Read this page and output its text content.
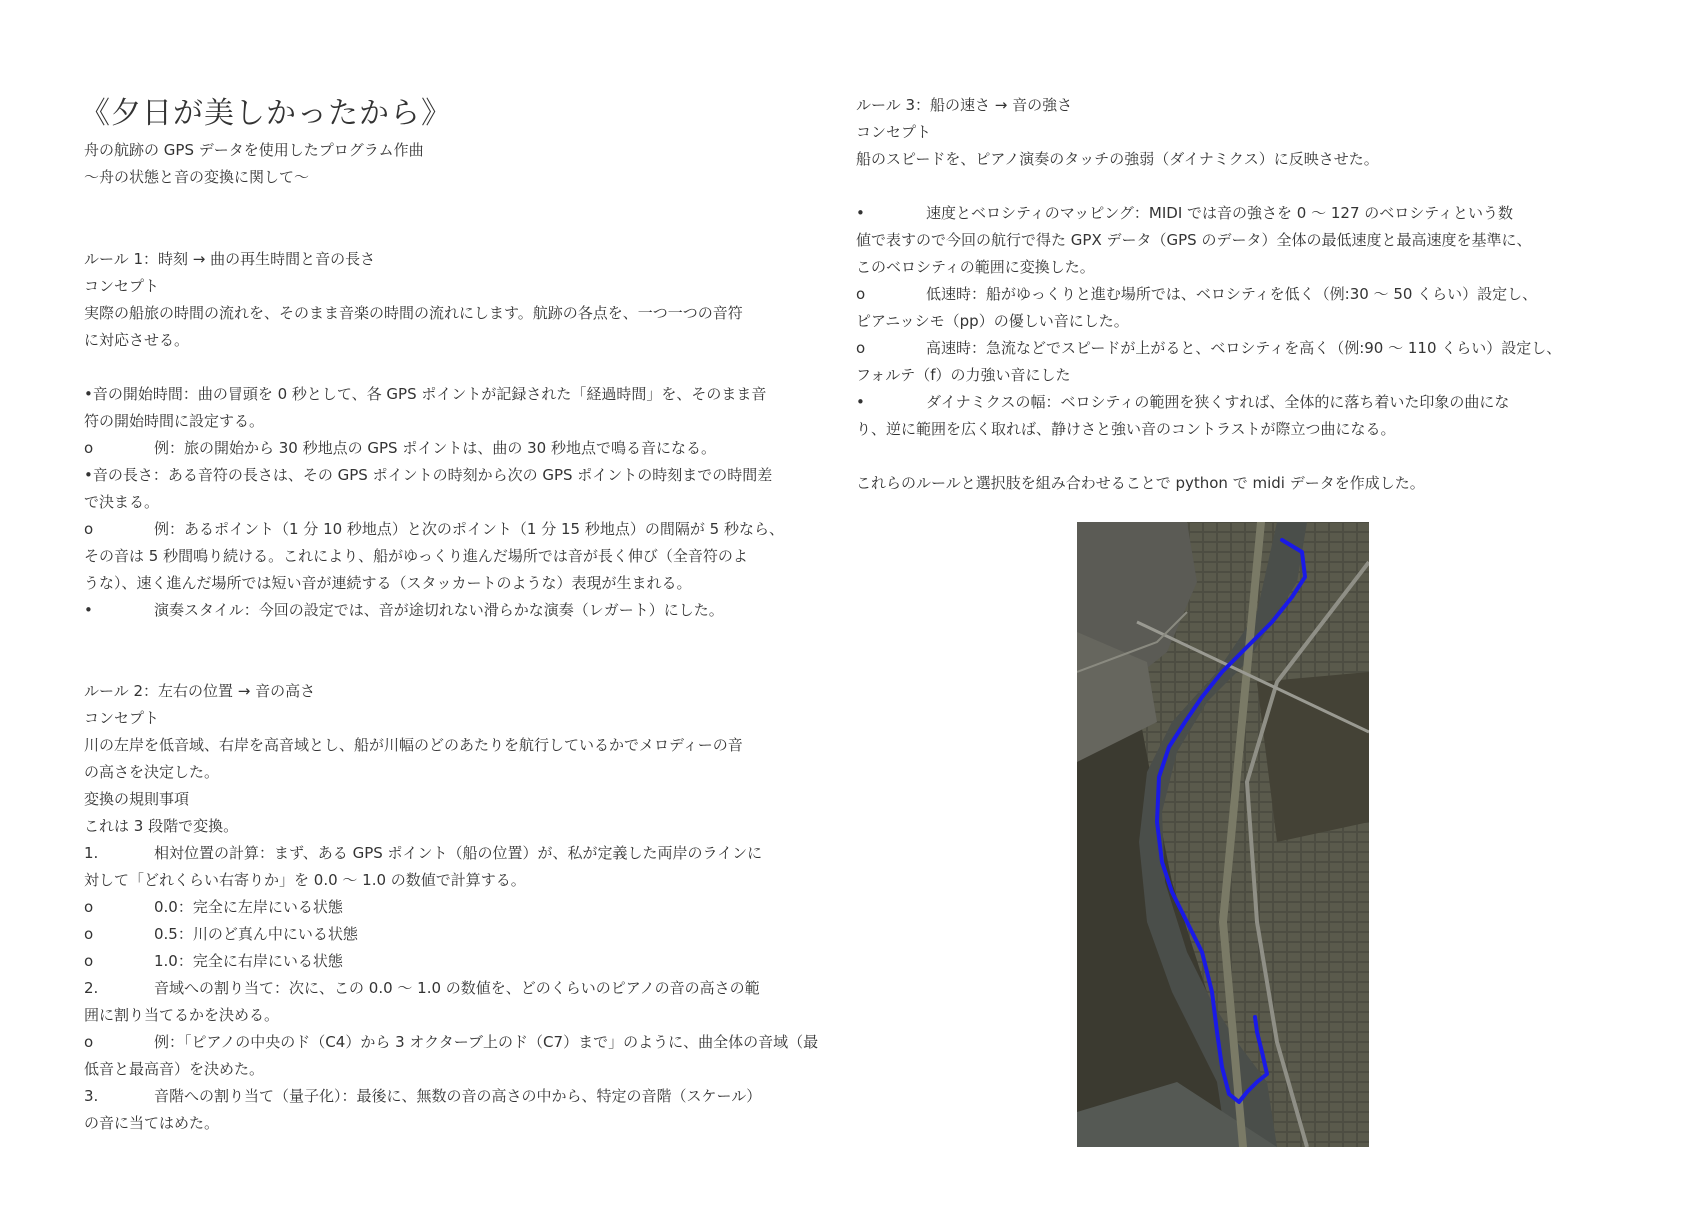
《夕日が美しかったから》
舟の航跡の GPS データを使用したプログラム作曲
〜舟の状態と音の変換に関して〜
ルール 1：時刻 → 曲の再生時間と音の長さ
コンセプト
実際の船旅の時間の流れを、そのまま音楽の時間の流れにします。航跡の各点を、一つ一つの音符
に対応させる。
•音の開始時間：曲の冒頭を 0 秒として、各 GPS ポイントが記録された「経過時間」を、そのまま音
符の開始時間に設定する。
o	例：旅の開始から 30 秒地点の GPS ポイントは、曲の 30 秒地点で鳴る音になる。
•音の長さ：ある音符の長さは、その GPS ポイントの時刻から次の GPS ポイントの時刻までの時間差
で決まる。
o	例：あるポイント（1 分 10 秒地点）と次のポイント（1 分 15 秒地点）の間隔が 5 秒なら、
その音は 5 秒間鳴り続ける。これにより、船がゆっくり進んだ場所では音が長く伸び（全音符のよ
うな）、速く進んだ場所では短い音が連続する（スタッカートのような）表現が生まれる。
•	演奏スタイル：今回の設定では、音が途切れない滑らかな演奏（レガート）にした。
ルール 2：左右の位置 → 音の高さ
コンセプト
川の左岸を低音域、右岸を高音域とし、船が川幅のどのあたりを航行しているかでメロディーの音
の高さを決定した。
変換の規則事項
これは 3 段階で変換。
1.	相対位置の計算：まず、ある GPS ポイント（船の位置）が、私が定義した両岸のラインに
対して「どれくらい右寄りか」を 0.0 〜 1.0 の数値で計算する。
o	0.0：完全に左岸にいる状態
o	0.5：川のど真ん中にいる状態
o	1.0：完全に右岸にいる状態
2.	音域への割り当て：次に、この 0.0 〜 1.0 の数値を、どのくらいのピアノの音の高さの範
囲に割り当てるかを決める。
o	例：「ピアノの中央のド（C4）から 3 オクターブ上のド（C7）まで」のように、曲全体の音域（最
低音と最高音）を決めた。
3.	音階への割り当て（量子化）：最後に、無数の音の高さの中から、特定の音階（スケール）
の音に当てはめた。
ルール 3：船の速さ → 音の強さ
コンセプト
船のスピードを、ピアノ演奏のタッチの強弱（ダイナミクス）に反映させた。
•	速度とベロシティのマッピング：MIDI では音の強さを 0 〜 127 のベロシティという数
値で表すので今回の航行で得た GPX データ（GPS のデータ）全体の最低速度と最高速度を基準に、
このベロシティの範囲に変換した。
o	低速時：船がゆっくりと進む場所では、ベロシティを低く（例:30 〜 50 くらい）設定し、
ピアニッシモ（pp）の優しい音にした。
o	高速時：急流などでスピードが上がると、ベロシティを高く（例:90 〜 110 くらい）設定し、
フォルテ（f）の力強い音にした
•	ダイナミクスの幅：ベロシティの範囲を狭くすれば、全体的に落ち着いた印象の曲にな
り、逆に範囲を広く取れば、静けさと強い音のコントラストが際立つ曲になる。
これらのルールと選択肢を組み合わせることで python で midi データを作成した。
